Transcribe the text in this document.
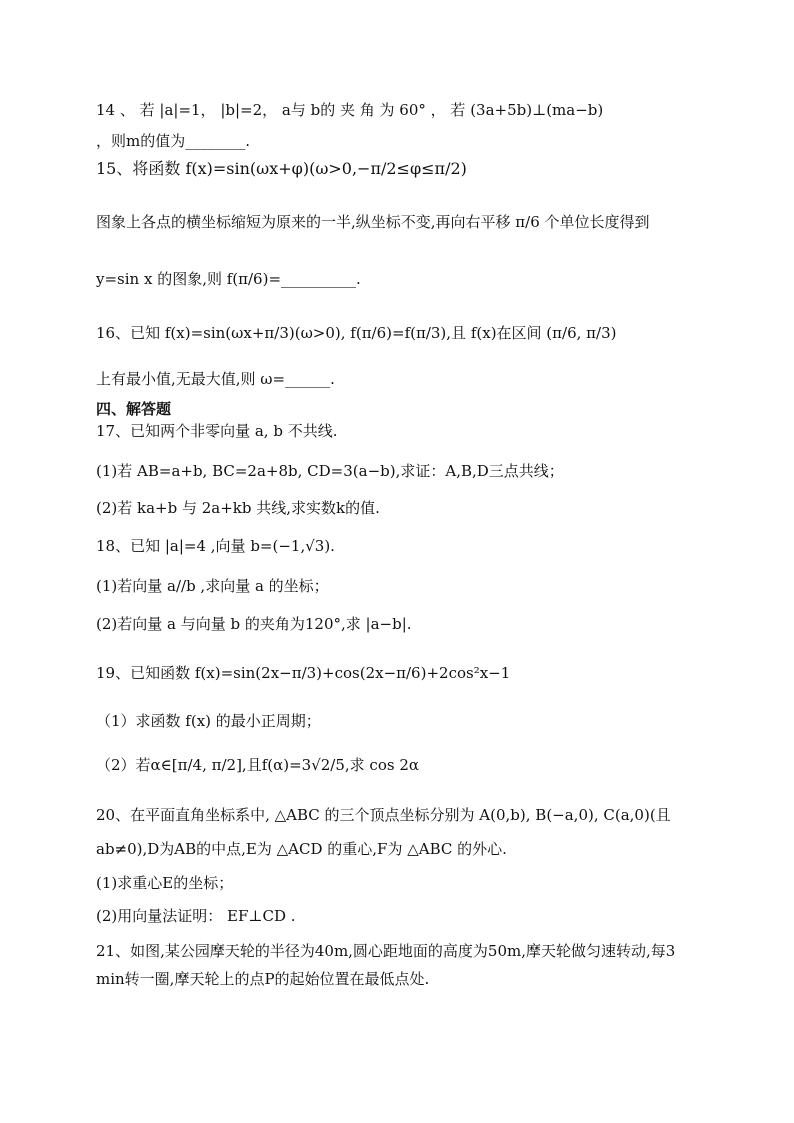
14 、 若 |a|=1， |b|=2， a与 b的 夹 角 为 60° ， 若 (3a+5b)⊥(ma−b)
，则m的值为________.
15、将函数 f(x)=sin(ωx+φ)(ω>0,−π/2≤φ≤π/2)
图象上各点的横坐标缩短为原来的一半,纵坐标不变,再向右平移 π/6 个单位长度得到
y=sin x 的图象,则 f(π/6)=__________.
16、已知 f(x)=sin(ωx+π/3)(ω>0), f(π/6)=f(π/3),且 f(x)在区间 (π/6, π/3)
上有最小值,无最大值,则 ω=______.
四、解答题
17、已知两个非零向量 a, b 不共线.
(1)若 AB=a+b, BC=2a+8b, CD=3(a−b),求证：A,B,D三点共线；
(2)若 ka+b 与 2a+kb 共线,求实数k的值.
18、已知 |a|=4 ,向量 b=(−1,√3).
(1)若向量 a//b ,求向量 a 的坐标；
(2)若向量 a 与向量 b 的夹角为120°,求 |a−b|.
19、已知函数 f(x)=sin(2x−π/3)+cos(2x−π/6)+2cos²x−1
（1）求函数 f(x) 的最小正周期；
（2）若α∈[π/4, π/2],且f(α)=3√2/5,求 cos 2α
20、在平面直角坐标系中, △ABC 的三个顶点坐标分别为 A(0,b), B(−a,0), C(a,0)(且
ab≠0),D为AB的中点,E为 △ACD 的重心,F为 △ABC 的外心.
(1)求重心E的坐标；
(2)用向量法证明： EF⊥CD .
21、如图,某公园摩天轮的半径为40m,圆心距地面的高度为50m,摩天轮做匀速转动,每3
min转一圈,摩天轮上的点P的起始位置在最低点处.
